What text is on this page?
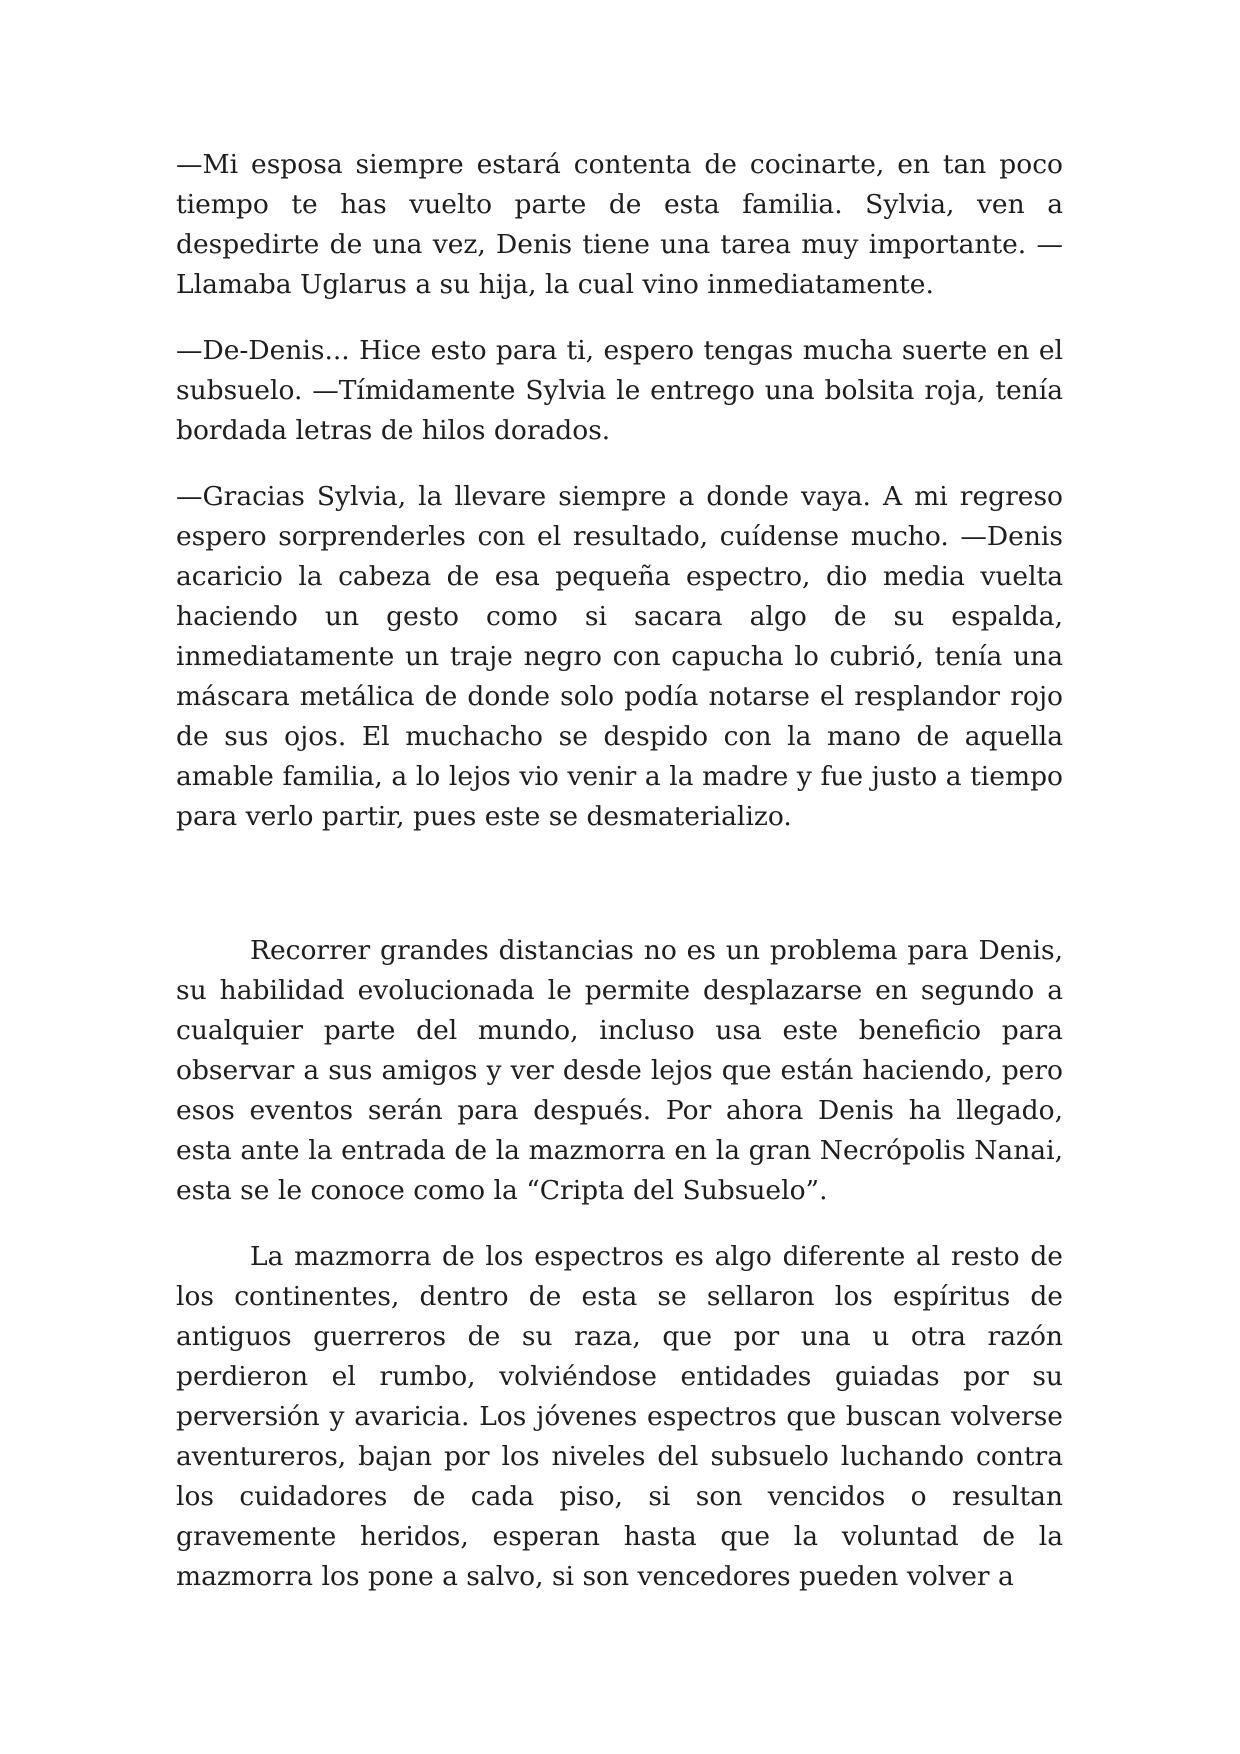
—Mi esposa siempre estará contenta de cocinarte, en tan poco tiempo te has vuelto parte de esta familia. Sylvia, ven a despedirte de una vez, Denis tiene una tarea muy importante. —Llamaba Uglarus a su hija, la cual vino inmediatamente.

—De-Denis... Hice esto para ti, espero tengas mucha suerte en el subsuelo. —Tímidamente Sylvia le entrego una bolsita roja, tenía bordada letras de hilos dorados.

—Gracias Sylvia, la llevare siempre a donde vaya. A mi regreso espero sorprenderles con el resultado, cuídense mucho. —Denis acaricio la cabeza de esa pequeña espectro, dio media vuelta haciendo un gesto como si sacara algo de su espalda, inmediatamente un traje negro con capucha lo cubrió, tenía una máscara metálica de donde solo podía notarse el resplandor rojo de sus ojos. El muchacho se despido con la mano de aquella amable familia, a lo lejos vio venir a la madre y fue justo a tiempo para verlo partir, pues este se desmaterializo.

Recorrer grandes distancias no es un problema para Denis, su habilidad evolucionada le permite desplazarse en segundo a cualquier parte del mundo, incluso usa este beneficio para observar a sus amigos y ver desde lejos que están haciendo, pero esos eventos serán para después. Por ahora Denis ha llegado, esta ante la entrada de la mazmorra en la gran Necrópolis Nanai, esta se le conoce como la “Cripta del Subsuelo”.

La mazmorra de los espectros es algo diferente al resto de los continentes, dentro de esta se sellaron los espíritus de antiguos guerreros de su raza, que por una u otra razón perdieron el rumbo, volviéndose entidades guiadas por su perversión y avaricia. Los jóvenes espectros que buscan volverse aventureros, bajan por los niveles del subsuelo luchando contra los cuidadores de cada piso, si son vencidos o resultan gravemente heridos, esperan hasta que la voluntad de la mazmorra los pone a salvo, si son vencedores pueden volver a
